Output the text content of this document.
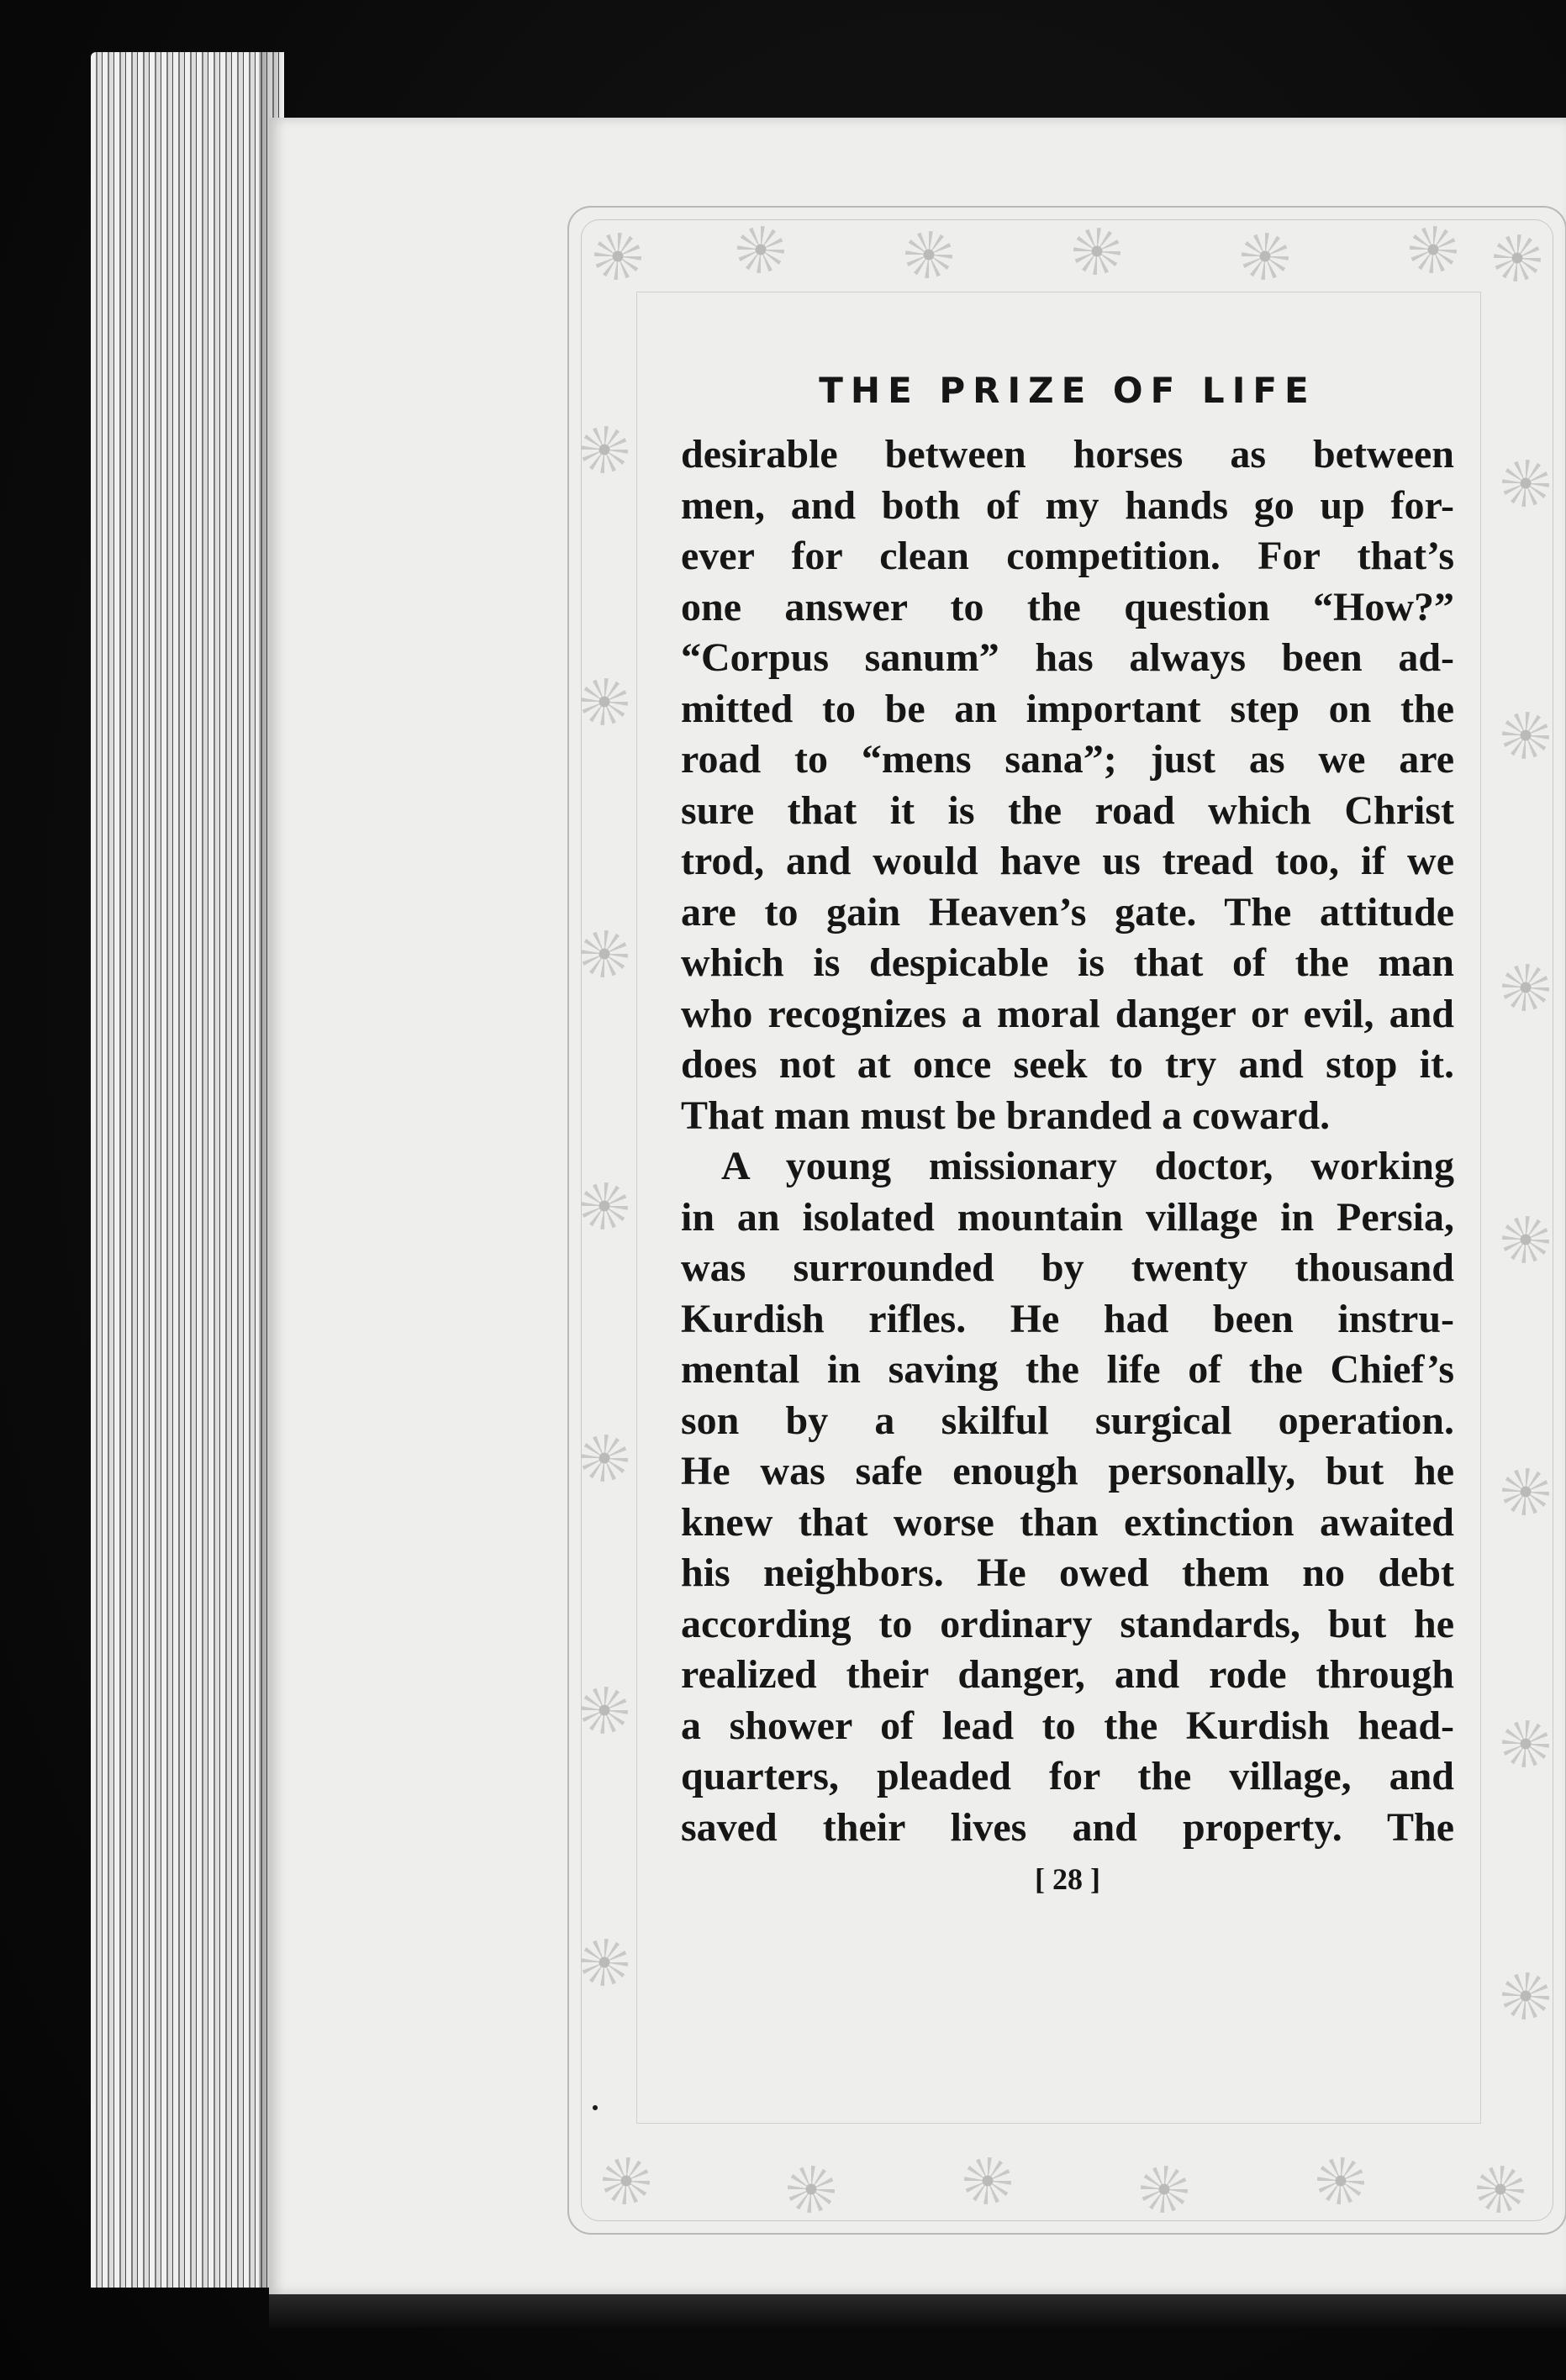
THE PRIZE OF LIFE
desirable between horses as between
men, and both of my hands go up for-
ever for clean competition. For that’s
one answer to the question “How?”
“Corpus sanum” has always been ad-
mitted to be an important step on the
road to “mens sana”; just as we are
sure that it is the road which Christ
trod, and would have us tread too, if we
are to gain Heaven’s gate. The attitude
which is despicable is that of the man
who recognizes a moral danger or evil, and
does not at once seek to try and stop it.
That man must be branded a coward.
A young missionary doctor, working
in an isolated mountain village in Persia,
was surrounded by twenty thousand
Kurdish rifles. He had been instru-
mental in saving the life of the Chief’s
son by a skilful surgical operation.
He was safe enough personally, but he
knew that worse than extinction awaited
his neighbors. He owed them no debt
according to ordinary standards, but he
realized their danger, and rode through
a shower of lead to the Kurdish head-
quarters, pleaded for the village, and
saved their lives and property. The
[ 28 ]
